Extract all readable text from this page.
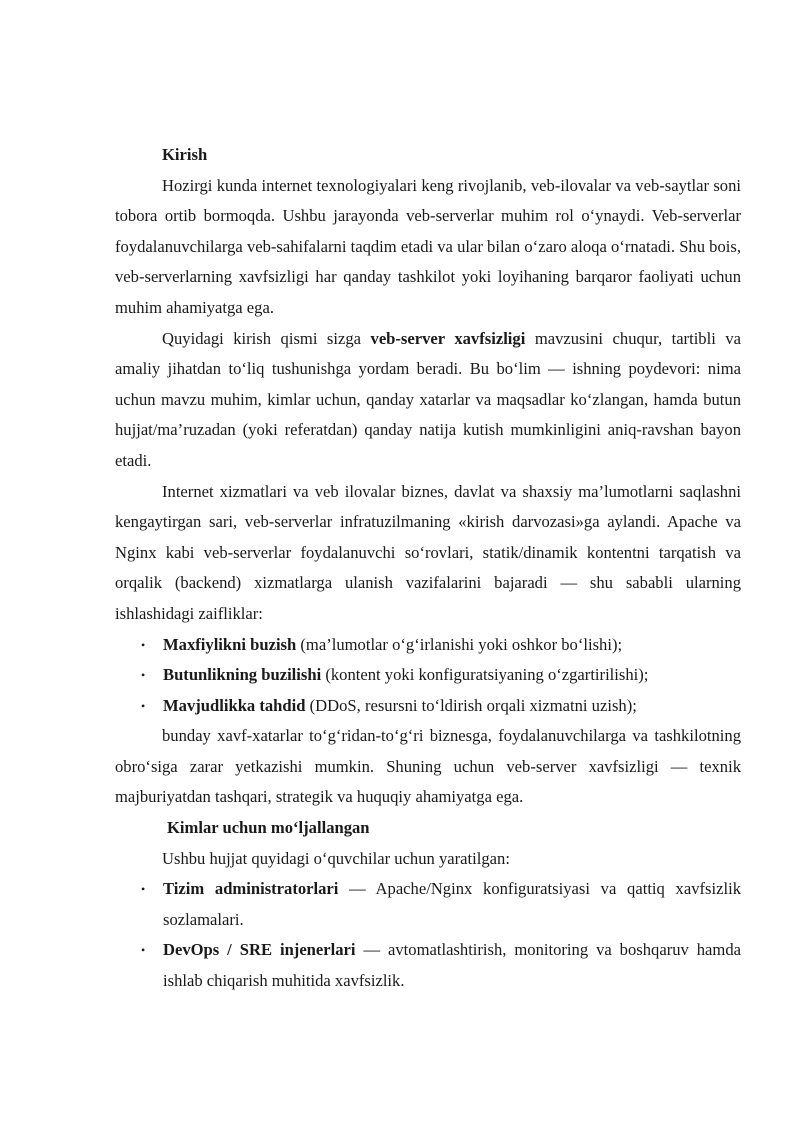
Kirish

Hozirgi kunda internet texnologiyalari keng rivojlanib, veb-ilovalar va veb-saytlar soni tobora ortib bormoqda. Ushbu jarayonda veb-serverlar muhim rol o‘ynaydi. Veb-serverlar foydalanuvchilarga veb-sahifalarni taqdim etadi va ular bilan o‘zaro aloqa o‘rnatadi. Shu bois, veb-serverlarning xavfsizligi har qanday tashkilot yoki loyihaning barqaror faoliyati uchun muhim ahamiyatga ega.

Quyidagi kirish qismi sizga veb-server xavfsizligi mavzusini chuqur, tartibli va amaliy jihatdan to‘liq tushunishga yordam beradi. Bu bo‘lim — ishning poydevori: nima uchun mavzu muhim, kimlar uchun, qanday xatarlar va maqsadlar ko‘zlangan, hamda butun hujjat/ma’ruzadan (yoki referatdan) qanday natija kutish mumkinligini aniq-ravshan bayon etadi.

Internet xizmatlari va veb ilovalar biznes, davlat va shaxsiy ma’lumotlarni saqlashni kengaytirgan sari, veb-serverlar infratuzilmaning «kirish darvozasi»ga aylandi. Apache va Nginx kabi veb-serverlar foydalanuvchi so‘rovlari, statik/dinamik kontentni tarqatish va orqalik (backend) xizmatlarga ulanish vazifalarini bajaradi — shu sababli ularning ishlashidagi zaifliklar:

• Maxfiylikni buzish (ma’lumotlar o‘g‘irlanishi yoki oshkor bo‘lishi);
• Butunlikning buzilishi (kontent yoki konfiguratsiyaning o‘zgartirilishi);
• Mavjudlikka tahdid (DDoS, resursni to‘ldirish orqali xizmatni uzish);

bunday xavf-xatarlar to‘g‘ridan-to‘g‘ri biznesga, foydalanuvchilarga va tashkilotning obro‘siga zarar yetkazishi mumkin. Shuning uchun veb-server xavfsizligi — texnik majburiyatdan tashqari, strategik va huquqiy ahamiyatga ega.

Kimlar uchun mo‘ljallangan

Ushbu hujjat quyidagi o‘quvchilar uchun yaratilgan:

• Tizim administratorlari — Apache/Nginx konfiguratsiyasi va qattiq xavfsizlik sozlamalari.
• DevOps / SRE injenerlari — avtomatlashtirish, monitoring va boshqaruv hamda ishlab chiqarish muhitida xavfsizlik.
